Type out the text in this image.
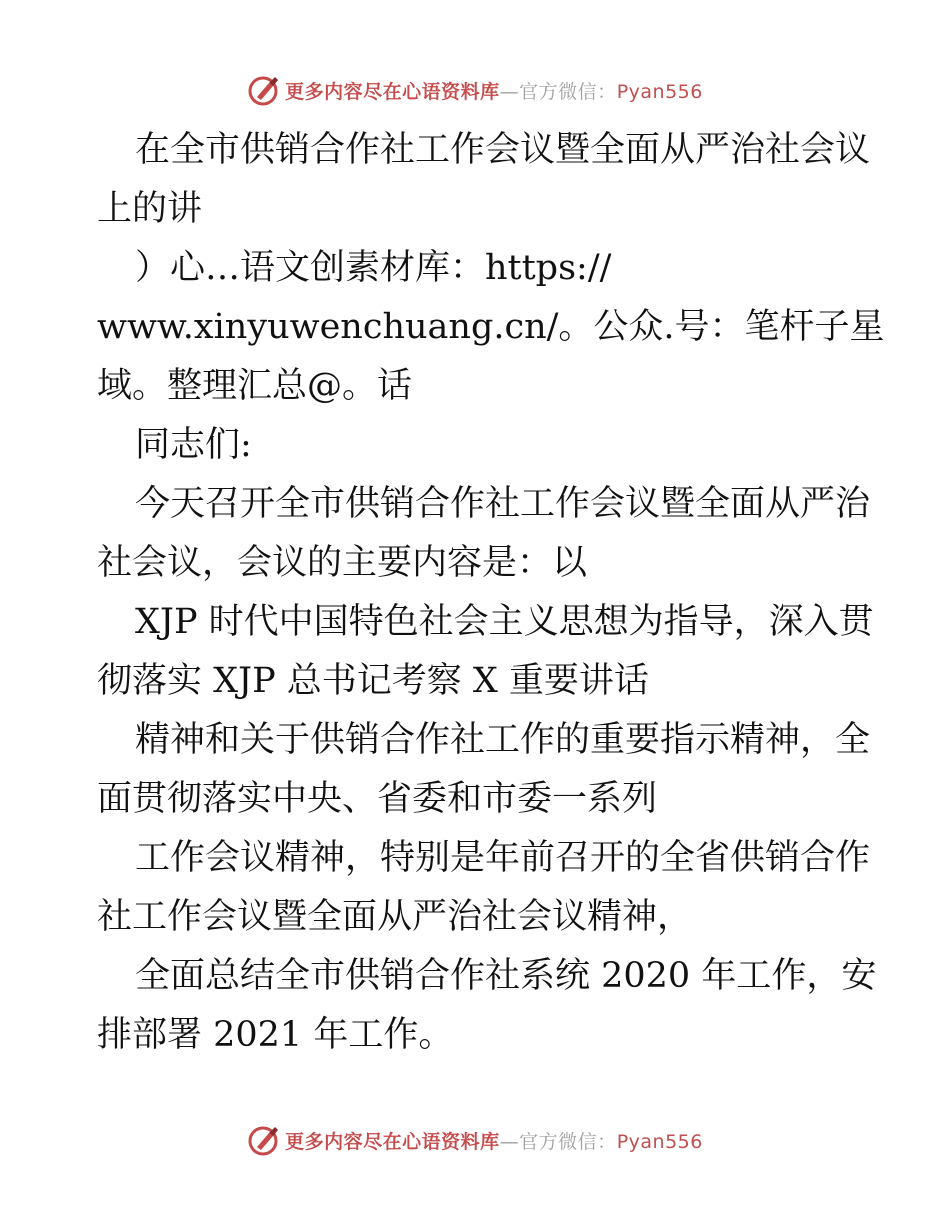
更多内容尽在心语资料库—官方微信：Pyan556
在全市供销合作社工作会议暨全面从严治社会议
上的讲
）心…语文创素材库：https://
www.xinyuwenchuang.cn/。公众.号：笔杆子星
域。整理汇总@。话
同志们:
今天召开全市供销合作社工作会议暨全面从严治
社会议，会议的主要内容是：以
XJP 时代中国特色社会主义思想为指导，深入贯
彻落实 XJP 总书记考察 X 重要讲话
精神和关于供销合作社工作的重要指示精神，全
面贯彻落实中央、省委和市委一系列
工作会议精神，特别是年前召开的全省供销合作
社工作会议暨全面从严治社会议精神，
全面总结全市供销合作社系统 2020 年工作，安
排部署 2021 年工作。
更多内容尽在心语资料库—官方微信：Pyan556
